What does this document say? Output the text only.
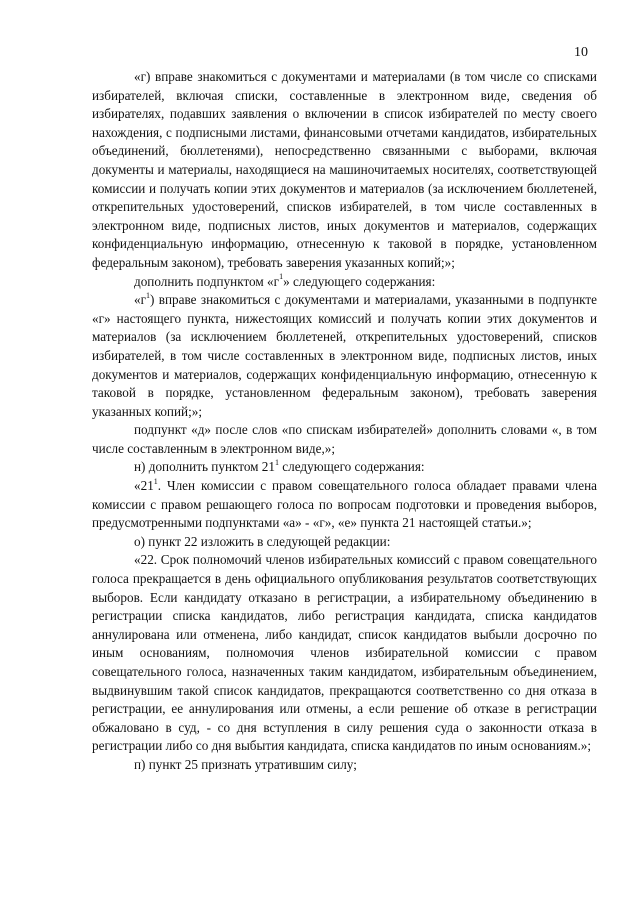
10

«г) вправе знакомиться с документами и материалами (в том числе со списками избирателей, включая списки, составленные в электронном виде, сведения об избирателях, подавших заявления о включении в список избирателей по месту своего нахождения, с подписными листами, финансовыми отчетами кандидатов, избирательных объединений, бюллетенями), непосредственно связанными с выборами, включая документы и материалы, находящиеся на машиночитаемых носителях, соответствующей комиссии и получать копии этих документов и материалов (за исключением бюллетеней, открепительных удостоверений, списков избирателей, в том числе составленных в электронном виде, подписных листов, иных документов и материалов, содержащих конфиденциальную информацию, отнесенную к таковой в порядке, установленном федеральным законом), требовать заверения указанных копий;»;

дополнить подпунктом «$г^1$» следующего содержания:

«$г^1$) вправе знакомиться с документами и материалами, указанными в подпункте «г» настоящего пункта, нижестоящих комиссий и получать копии этих документов и материалов (за исключением бюллетеней, открепительных удостоверений, списков избирателей, в том числе составленных в электронном виде, подписных листов, иных документов и материалов, содержащих конфиденциальную информацию, отнесенную к таковой в порядке, установленном федеральным законом), требовать заверения указанных копий;»;

подпункт «д» после слов «по спискам избирателей» дополнить словами «, в том числе составленным в электронном виде,»;

н) дополнить пунктом $21^1$ следующего содержания:

«$21^1$. Член комиссии с правом совещательного голоса обладает правами члена комиссии с правом решающего голоса по вопросам подготовки и проведения выборов, предусмотренными подпунктами «а» - «г», «е» пункта 21 настоящей статьи.»;

о) пункт 22 изложить в следующей редакции:

«22. Срок полномочий членов избирательных комиссий с правом совещательного голоса прекращается в день официального опубликования результатов соответствующих выборов. Если кандидату отказано в регистрации, а избирательному объединению в регистрации списка кандидатов, либо регистрация кандидата, списка кандидатов аннулирована или отменена, либо кандидат, список кандидатов выбыли досрочно по иным основаниям, полномочия членов избирательной комиссии с правом совещательного голоса, назначенных таким кандидатом, избирательным объединением, выдвинувшим такой список кандидатов, прекращаются соответственно со дня отказа в регистрации, ее аннулирования или отмены, а если решение об отказе в регистрации обжаловано в суд, - со дня вступления в силу решения суда о законности отказа в регистрации либо со дня выбытия кандидата, списка кандидатов по иным основаниям.»;

п) пункт 25 признать утратившим силу;
